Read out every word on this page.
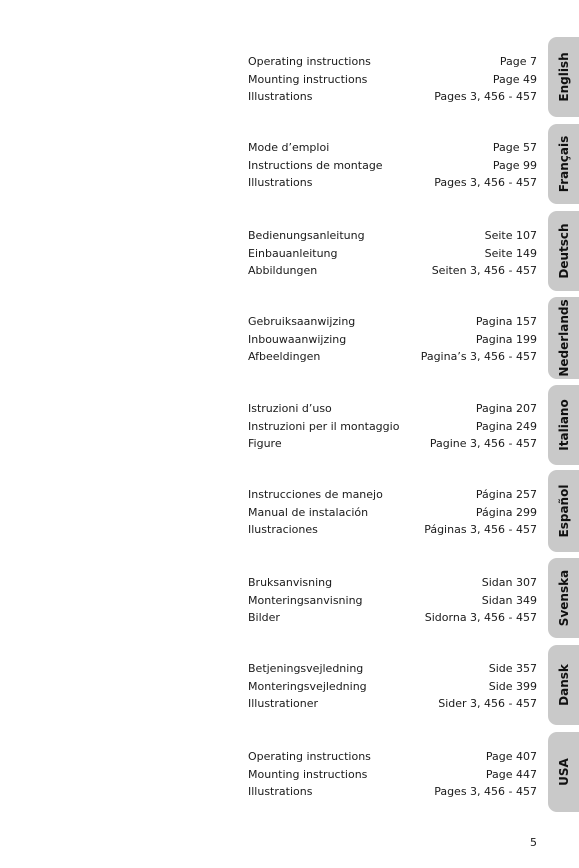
Operating instructions	Page 7
Mounting instructions	Page 49
Illustrations	Pages 3, 456 - 457 English
Mode d’emploi	Page 57
Instructions de montage	Page 99
Illustrations	Pages 3, 456 - 457 Français
Bedienungsanleitung	Seite 107
Einbauanleitung	Seite 149
Abbildungen	Seiten 3, 456 - 457 Deutsch
Gebruiksaanwijzing	Pagina 157
Inbouwaanwijzing	Pagina 199
Afbeeldingen	Pagina’s 3, 456 - 457 Nederlands
Istruzioni d’uso	Pagina 207
Instruzioni per il montaggio	Pagina 249
Figure	Pagine 3, 456 - 457 Italiano
Instrucciones de manejo	Página 257
Manual de instalación	Página 299
Ilustraciones	Páginas 3, 456 - 457 Español
Bruksanvisning	Sidan 307
Monteringsanvisning	Sidan 349
Bilder	Sidorna 3, 456 - 457 Svenska
Betjeningsvejledning	Side 357
Monteringsvejledning	Side 399
Illustrationer	Sider 3, 456 - 457 Dansk
Operating instructions	Page 407
Mounting instructions	Page 447
Illustrations	Pages 3, 456 - 457
USA
5
